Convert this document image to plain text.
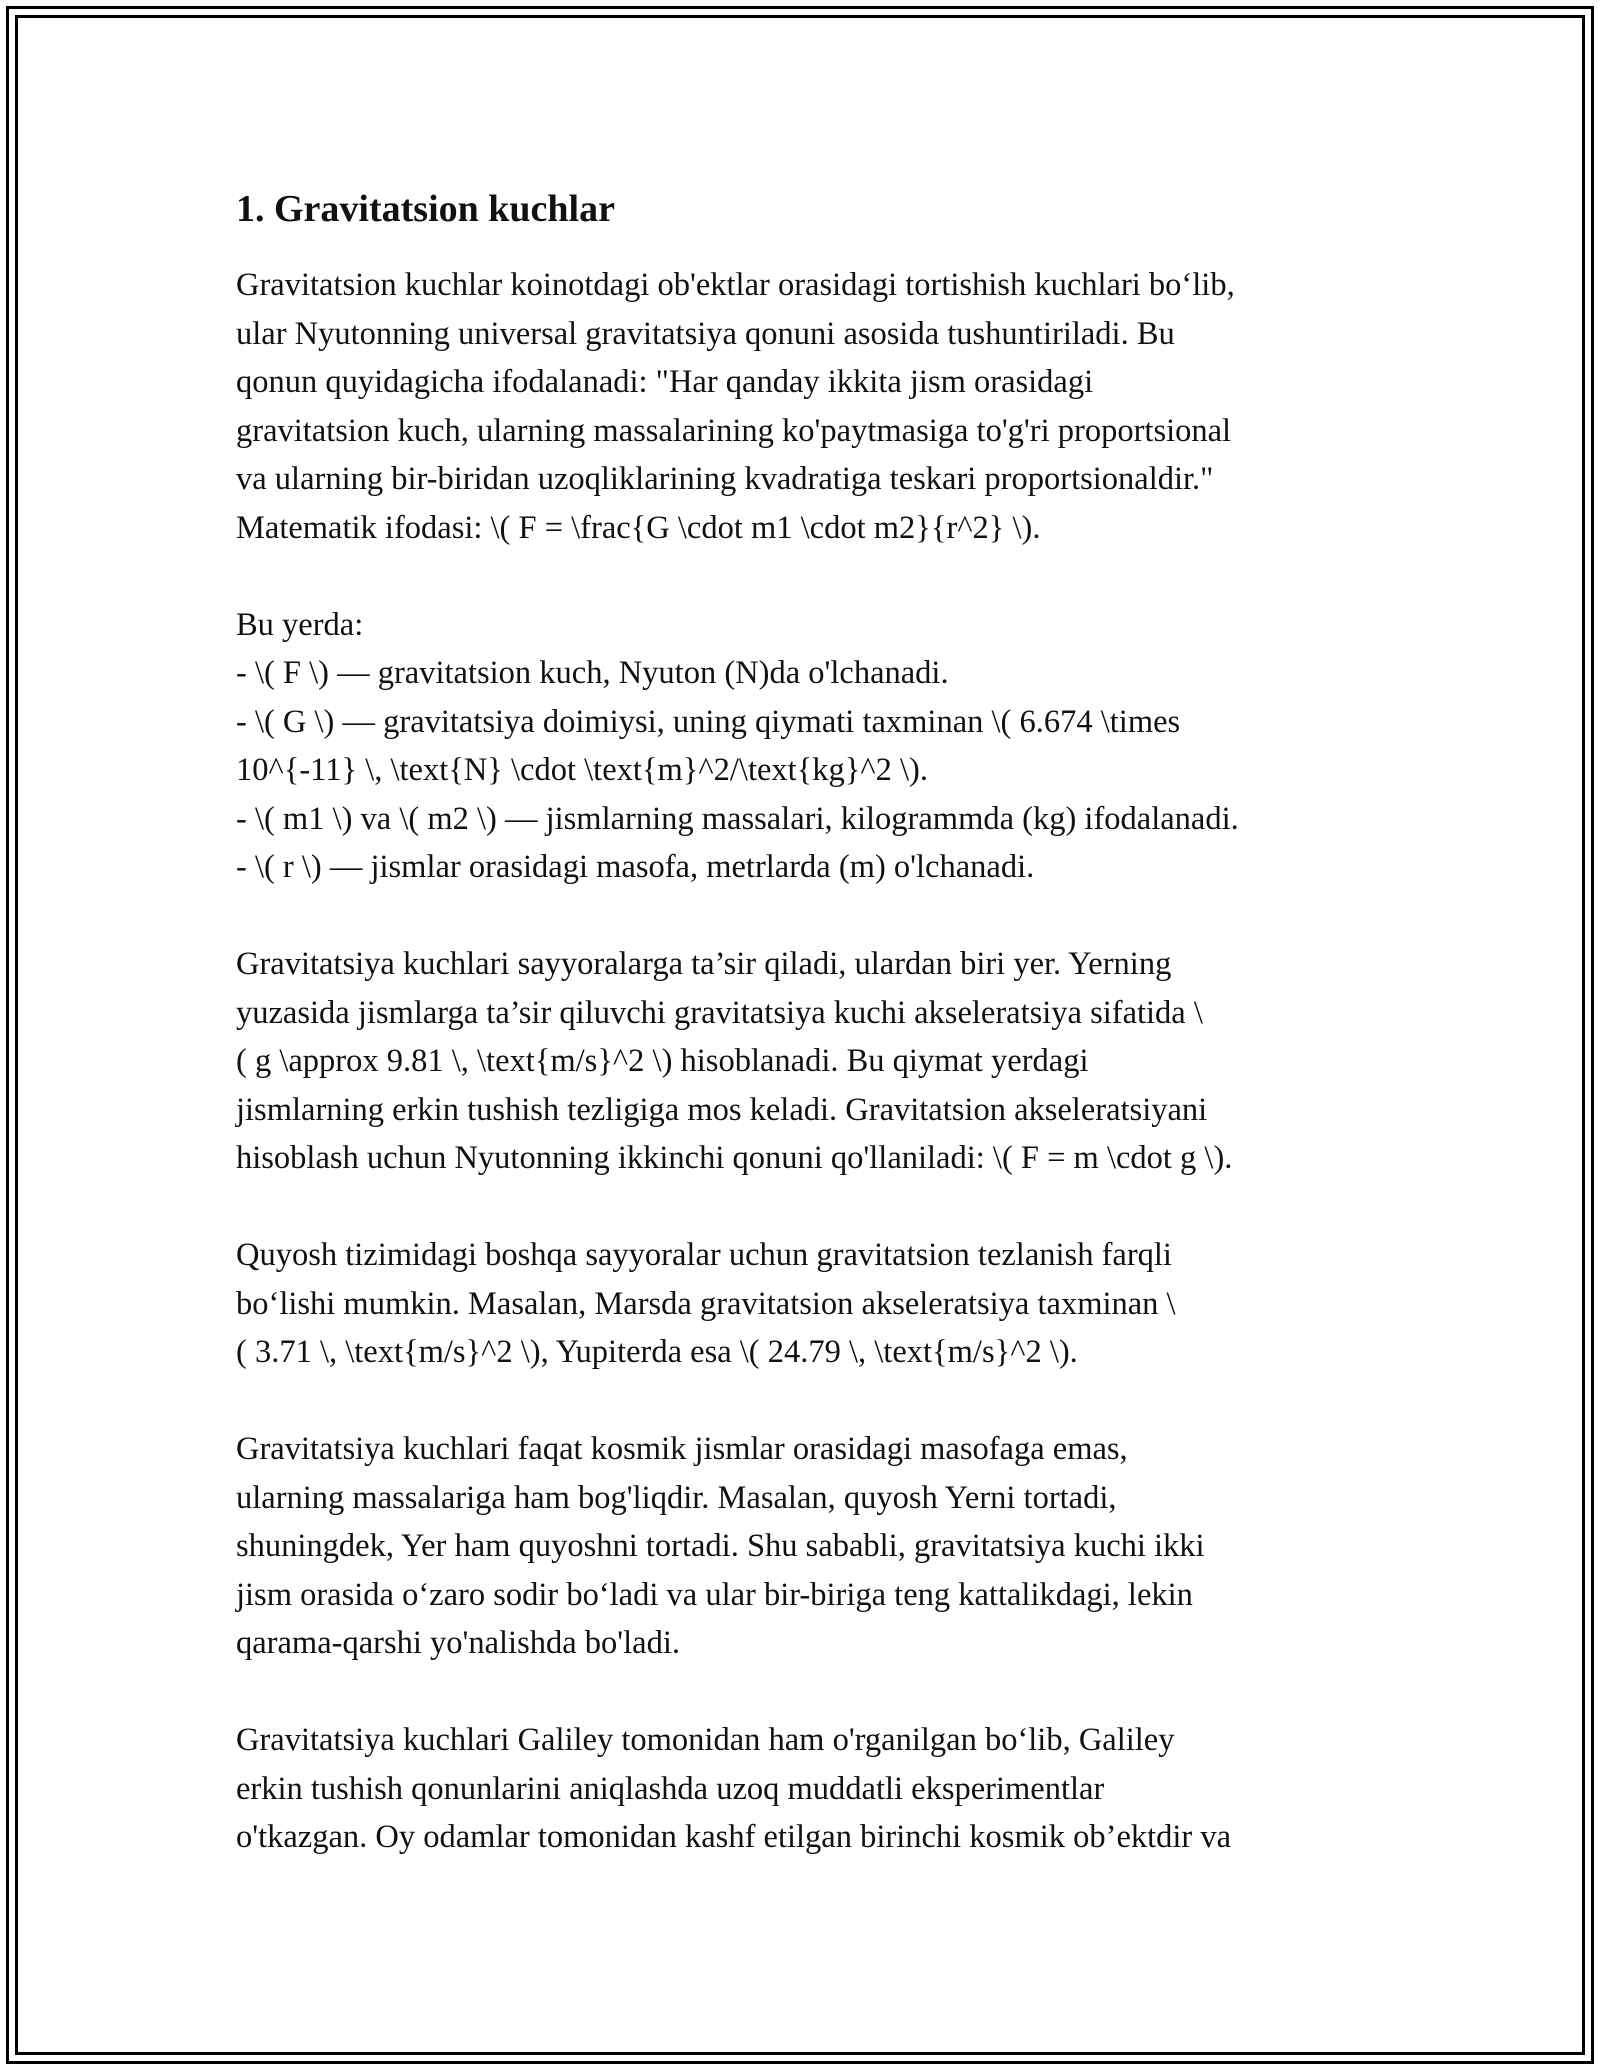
1. Gravitatsion kuchlar

Gravitatsion kuchlar koinotdagi ob'ektlar orasidagi tortishish kuchlari bo‘lib,
ular Nyutonning universal gravitatsiya qonuni asosida tushuntiriladi. Bu
qonun quyidagicha ifodalanadi: "Har qanday ikkita jism orasidagi
gravitatsion kuch, ularning massalarining ko'paytmasiga to'g'ri proportsional
va ularning bir-biridan uzoqliklarining kvadratiga teskari proportsionaldir."
Matematik ifodasi: \( F = \frac{G \cdot m1 \cdot m2}{r^2} \).

Bu yerda:
- \( F \) — gravitatsion kuch, Nyuton (N)da o'lchanadi.
- \( G \) — gravitatsiya doimiysi, uning qiymati taxminan \( 6.674 \times
10^{-11} \, \text{N} \cdot \text{m}^2/\text{kg}^2 \).
- \( m1 \) va \( m2 \) — jismlarning massalari, kilogrammda (kg) ifodalanadi.
- \( r \) — jismlar orasidagi masofa, metrlarda (m) o'lchanadi.

Gravitatsiya kuchlari sayyoralarga ta’sir qiladi, ulardan biri yer. Yerning
yuzasida jismlarga ta’sir qiluvchi gravitatsiya kuchi akseleratsiya sifatida \
( g \approx 9.81 \, \text{m/s}^2 \) hisoblanadi. Bu qiymat yerdagi
jismlarning erkin tushish tezligiga mos keladi. Gravitatsion akseleratsiyani
hisoblash uchun Nyutonning ikkinchi qonuni qo'llaniladi: \( F = m \cdot g \).

Quyosh tizimidagi boshqa sayyoralar uchun gravitatsion tezlanish farqli
bo‘lishi mumkin. Masalan, Marsda gravitatsion akseleratsiya taxminan \
( 3.71 \, \text{m/s}^2 \), Yupiterda esa \( 24.79 \, \text{m/s}^2 \).

Gravitatsiya kuchlari faqat kosmik jismlar orasidagi masofaga emas,
ularning massalariga ham bog'liqdir. Masalan, quyosh Yerni tortadi,
shuningdek, Yer ham quyoshni tortadi. Shu sababli, gravitatsiya kuchi ikki
jism orasida o‘zaro sodir bo‘ladi va ular bir-biriga teng kattalikdagi, lekin
qarama-qarshi yo'nalishda bo'ladi.

Gravitatsiya kuchlari Galiley tomonidan ham o'rganilgan bo‘lib, Galiley
erkin tushish qonunlarini aniqlashda uzoq muddatli eksperimentlar
o'tkazgan. Oy odamlar tomonidan kashf etilgan birinchi kosmik ob’ektdir va
